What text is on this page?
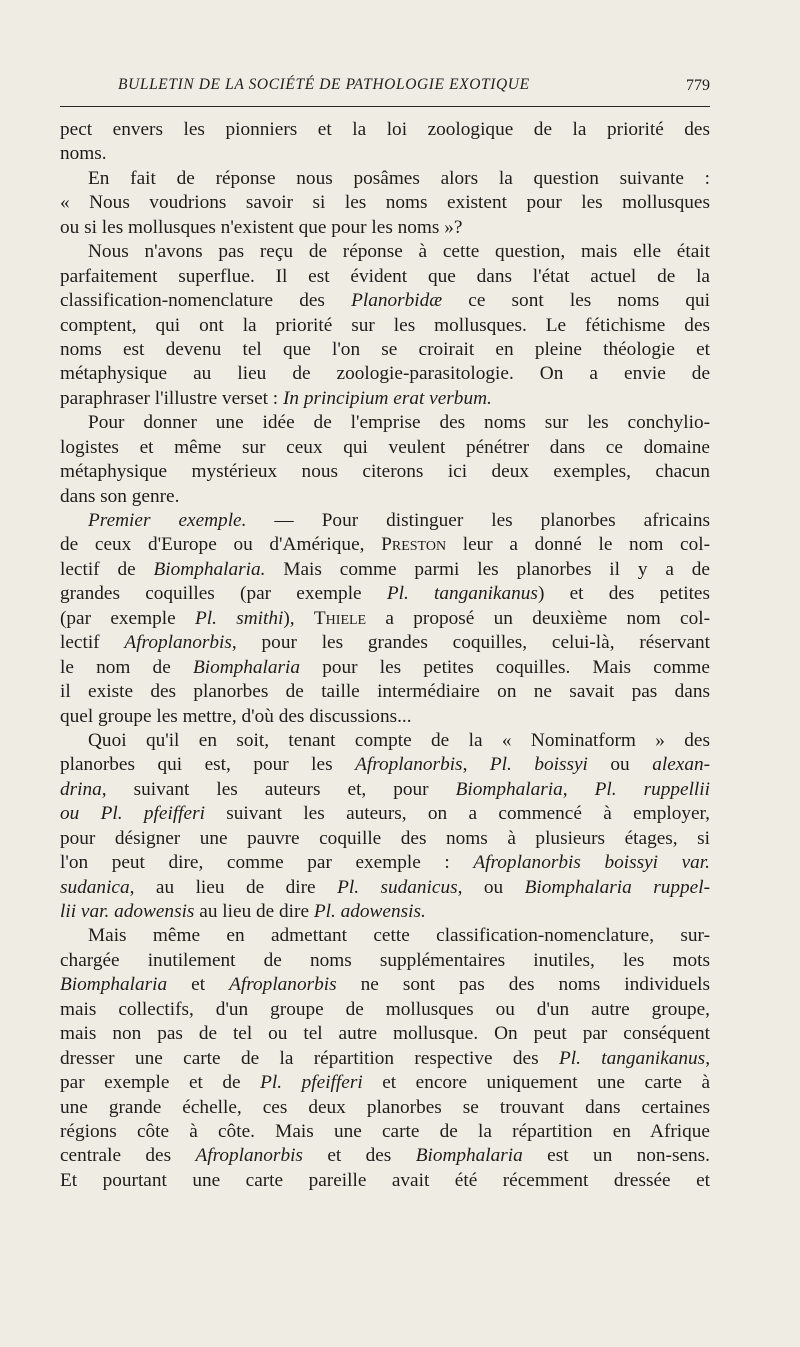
BULLETIN DE LA SOCIÉTÉ DE PATHOLOGIE EXOTIQUE	779
pect envers les pionniers et la loi zoologique de la priorité des
noms.
En fait de réponse nous posâmes alors la question suivante :
« Nous voudrions savoir si les noms existent pour les mollusques
ou si les mollusques n'existent que pour les noms »?
Nous n'avons pas reçu de réponse à cette question, mais elle était
parfaitement superflue. Il est évident que dans l'état actuel de la
classification-nomenclature des Planorbidæ ce sont les noms qui
comptent, qui ont la priorité sur les mollusques. Le fétichisme des
noms est devenu tel que l'on se croirait en pleine théologie et
métaphysique au lieu de zoologie-parasitologie. On a envie de
paraphraser l'illustre verset : In principium erat verbum.
Pour donner une idée de l'emprise des noms sur les conchylio-
logistes et même sur ceux qui veulent pénétrer dans ce domaine
métaphysique mystérieux nous citerons ici deux exemples, chacun
dans son genre.
Premier exemple. — Pour distinguer les planorbes africains
de ceux d'Europe ou d'Amérique, Preston leur a donné le nom col-
lectif de Biomphalaria. Mais comme parmi les planorbes il y a de
grandes coquilles (par exemple Pl. tanganikanus) et des petites
(par exemple Pl. smithi), Thiele a proposé un deuxième nom col-
lectif Afroplanorbis, pour les grandes coquilles, celui-là, réservant
le nom de Biomphalaria pour les petites coquilles. Mais comme
il existe des planorbes de taille intermédiaire on ne savait pas dans
quel groupe les mettre, d'où des discussions...
Quoi qu'il en soit, tenant compte de la « Nominatform » des
planorbes qui est, pour les Afroplanorbis, Pl. boissyi ou alexan-
drina, suivant les auteurs et, pour Biomphalaria, Pl. ruppellii
ou Pl. pfeifferi suivant les auteurs, on a commencé à employer,
pour désigner une pauvre coquille des noms à plusieurs étages, si
l'on peut dire, comme par exemple : Afroplanorbis boissyi var.
sudanica, au lieu de dire Pl. sudanicus, ou Biomphalaria ruppel-
lii var. adowensis au lieu de dire Pl. adowensis.
Mais même en admettant cette classification-nomenclature, sur-
chargée inutilement de noms supplémentaires inutiles, les mots
Biomphalaria et Afroplanorbis ne sont pas des noms individuels
mais collectifs, d'un groupe de mollusques ou d'un autre groupe,
mais non pas de tel ou tel autre mollusque. On peut par conséquent
dresser une carte de la répartition respective des Pl. tanganikanus,
par exemple et de Pl. pfeifferi et encore uniquement une carte à
une grande échelle, ces deux planorbes se trouvant dans certaines
régions côte à côte. Mais une carte de la répartition en Afrique
centrale des Afroplanorbis et des Biomphalaria est un non-sens.
Et pourtant une carte pareille avait été récemment dressée et
